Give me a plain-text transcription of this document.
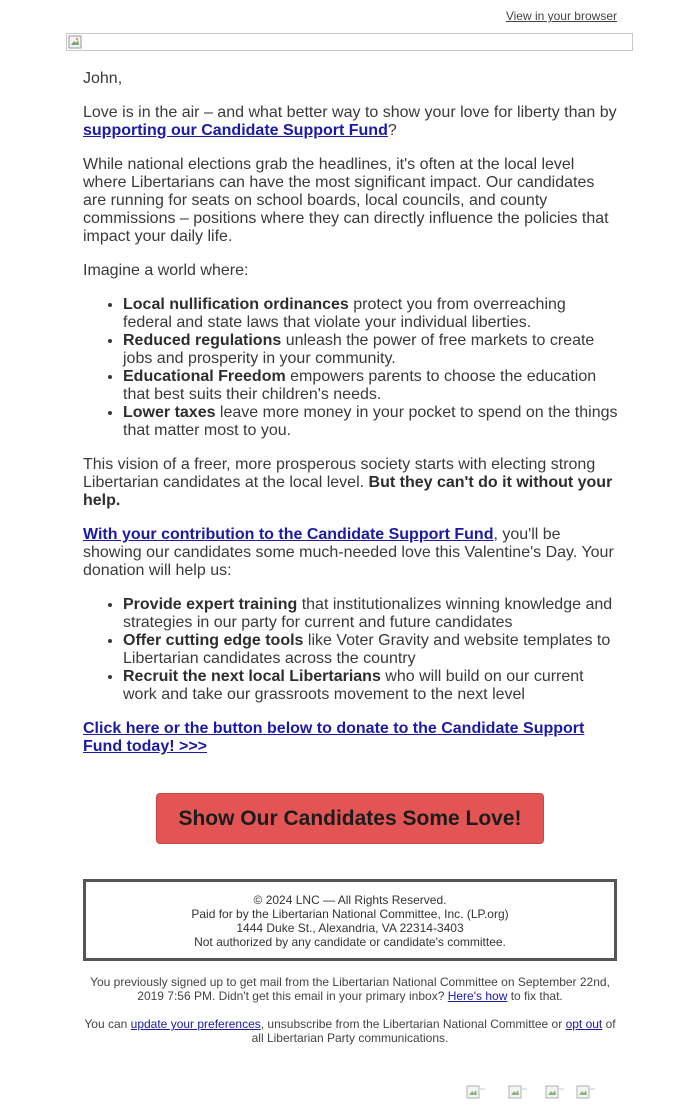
View in your browser

John,

Love is in the air – and what better way to show your love for liberty than by supporting our Candidate Support Fund?

While national elections grab the headlines, it's often at the local level where Libertarians can have the most significant impact. Our candidates are running for seats on school boards, local councils, and county commissions – positions where they can directly influence the policies that impact your daily life.

Imagine a world where:

• Local nullification ordinances protect you from overreaching federal and state laws that violate your individual liberties.
• Reduced regulations unleash the power of free markets to create jobs and prosperity in your community.
• Educational Freedom empowers parents to choose the education that best suits their children's needs.
• Lower taxes leave more money in your pocket to spend on the things that matter most to you.

This vision of a freer, more prosperous society starts with electing strong Libertarian candidates at the local level. But they can't do it without your help.

With your contribution to the Candidate Support Fund, you'll be showing our candidates some much-needed love this Valentine's Day. Your donation will help us:

• Provide expert training that institutionalizes winning knowledge and strategies in our party for current and future candidates
• Offer cutting edge tools like Voter Gravity and website templates to Libertarian candidates across the country
• Recruit the next local Libertarians who will build on our current work and take our grassroots movement to the next level

Click here or the button below to donate to the Candidate Support Fund today! >>>

Show Our Candidates Some Love!
© 2024 LNC — All Rights Reserved.
Paid for by the Libertarian National Committee, Inc. (LP.org)
1444 Duke St., Alexandria, VA 22314-3403
Not authorized by any candidate or candidate's committee.
You previously signed up to get mail from the Libertarian National Committee on September 22nd, 2019 7:56 PM. Didn't get this email in your primary inbox? Here's how to fix that.
You can update your preferences, unsubscribe from the Libertarian National Committee or opt out of all Libertarian Party communications.
